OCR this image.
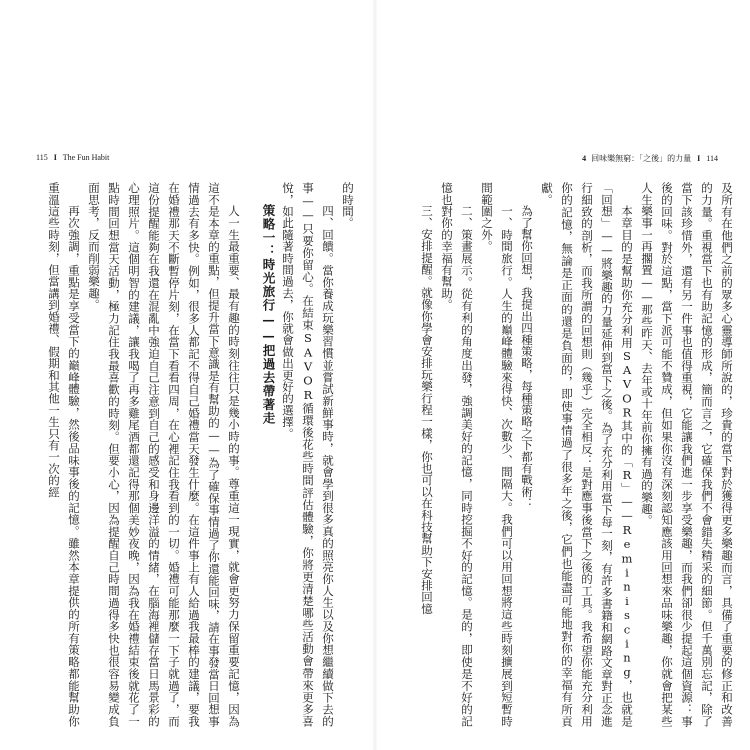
4 回味樂無窮：「之後」的力量 I 114

及所有在他們之前的眾多心靈導師所說的，珍貴的當下對於獲得更多樂趣而言，具備了重要的修正和改善的力量。重視當下也有助記憶的形成，簡而言之，它確保我們不會錯失精采的細節。但千萬別忘記，除了當下該珍惜外，還有另一件事也值得重視，它能讓我們進一步享受樂趣，而我們卻很少提起這個資源：事後的回味。對於這點，當下派可能不贊成，但如果你沒有深刻認知應該用回想來品味樂趣，你就會把某些人生樂事一再擱置——那些昨天、去年或十年前你擁有過的樂趣。

本章目的是幫助你充分利用SAVOR其中的「R」——Reminiscing，也就是「回想」——將樂趣的力量延伸到當下之後。為了充分利用當下每一刻，有許多書籍和網路文章對正念進行細致的剖析，而我所謂的回想則（幾乎）完全相反：是對應事後當下之後的工具。我希望你能充分利用你的記憶，無論是正面的還是負面的，即使事情過了很多年之後，它們也能盡可能地對你的幸福有所貢獻。

為了幫你回想，我提出四種策略，每種策略之下都有戰術：

一、時間旅行。人生的巔峰體驗來得快、次數少、間隔大。我們可以用回想將這些時刻擴展到短暫時間範圍之外。

二、策畫展示。從有利的角度出發，強調美好的記憶，同時挖掘不好的記憶。是的，即使是不好的記憶也對你的幸福有幫助。

三、安排提醒。就像你學會安排玩樂行程一樣，你也可以在科技幫助下安排回憶

115 I The Fun Habit

的時間。

四、回饋。當你養成玩樂習慣並嘗試新鮮事時，就會學到很多真的照亮你人生以及你想繼續做下去的事——只要你留心。在結束SAVOR循環後花些時間評估體驗，你將更清楚哪些活動會帶來更多喜悅，如此隨著時間過去，你就會做出更好的選擇。

策略一：時光旅行——把過去帶著走

人一生最重要、最有趣的時刻往往只是幾小時的事。尊重這一現實，就會更努力保留重要記憶，因為這不是本章的重點，但提升當下意識是有幫助的——為了確保事情過了你還能回味，請在事發當日回想事情過去有多快。例如，很多人都記不得自己婚禮當天發生什麼。在這件事上有人給過我最棒的建議，要我在婚禮那天不斷暫停片刻，在當下看看四周，在心裡記住我看到的一切。婚禮可能那麼一下子就過了，而這份提醒能夠在我還在混亂中強迫自己注意到自己的感受和身邊洋溢的情緒，在腦海裡儲存當日馬景彩的心理照片。這個明智的建議，讓我喝了再多雞尾酒都還記得那個美妙夜晚，因為我在婚禮結束後就花了一點時間回想當天活動，極力記住我最喜歡的時刻。但要小心，因為提醒自己時間過得多快也很容易變成負面思考，反而削弱樂趣。

再次強調，重點是享受當下的巔峰體驗，然後品味事後的記憶。雖然本章提供的所有策略都能幫助你重溫這些時刻，但當講到婚禮、假期和其他一生只有一次的經
